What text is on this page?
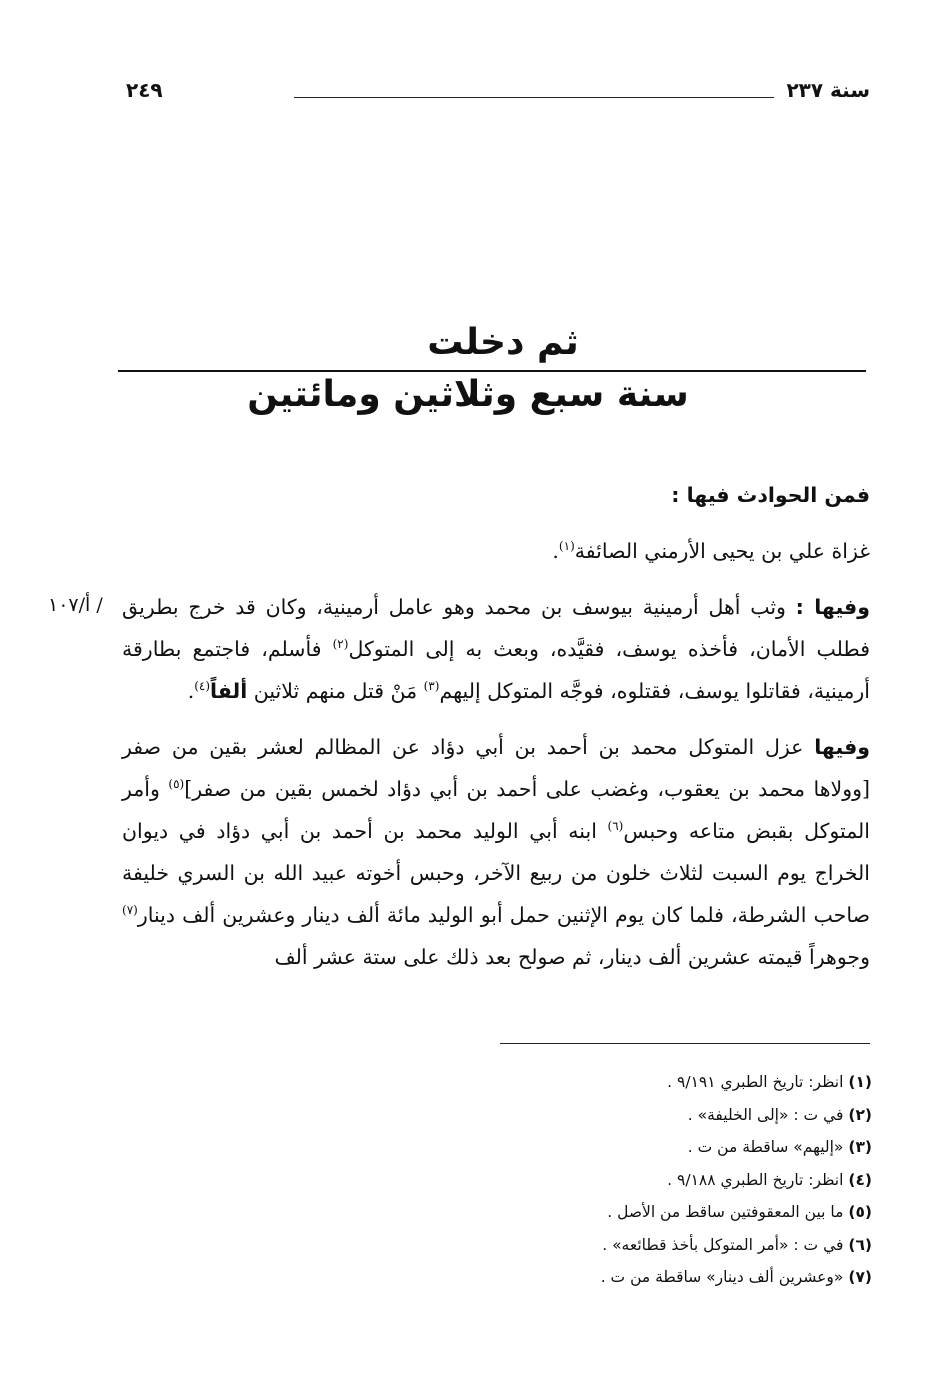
سنة ٢٣٧
٢٤٩
ثم دخلت
سنة سبع وثلاثين ومائتين
أ/١٠٧ /

فمن الحوادث فيها :

غزاة علي بن يحيى الأرمني الصائفة$^{(١)}$.

وفيها : وثب أهل أرمينية بيوسف بن محمد وهو عامل أرمينية، وكان قد خرج بطريق فطلب الأمان، فأخذه يوسف، فقيَّده، وبعث به إلى المتوكل$^{(٢)}$ فأسلم، فاجتمع بطارقة أرمينية، فقاتلوا يوسف، فقتلوه، فوجَّه المتوكل إليهم$^{(٣)}$ مَنْ قتل منهم ثلاثين ألفاً$^{(٤)}$.

وفيها عزل المتوكل محمد بن أحمد بن أبي دؤاد عن المظالم لعشر بقين من صفر [وولاها محمد بن يعقوب، وغضب على أحمد بن أبي دؤاد لخمس بقين من صفر]$^{(٥)}$ وأمر المتوكل بقبض متاعه وحبس$^{(٦)}$ ابنه أبي الوليد محمد بن أحمد بن أبي دؤاد في ديوان الخراج يوم السبت لثلاث خلون من ربيع الآخر، وحبس أخوته عبيد الله بن السري خليفة صاحب الشرطة، فلما كان يوم الإثنين حمل أبو الوليد مائة ألف دينار وعشرين ألف دينار$^{(٧)}$ وجوهراً قيمته عشرين ألف دينار، ثم صولح بعد ذلك على ستة عشر ألف

(١) انظر: تاريخ الطبري ٩/١٩١ .
(٢) في ت : «إلى الخليفة» .
(٣) «إليهم» ساقطة من ت .
(٤) انظر: تاريخ الطبري ٩/١٨٨ .
(٥) ما بين المعقوفتين ساقط من الأصل .
(٦) في ت : «أمر المتوكل بأخذ قطائعه» .
(٧) «وعشرين ألف دينار» ساقطة من ت .
